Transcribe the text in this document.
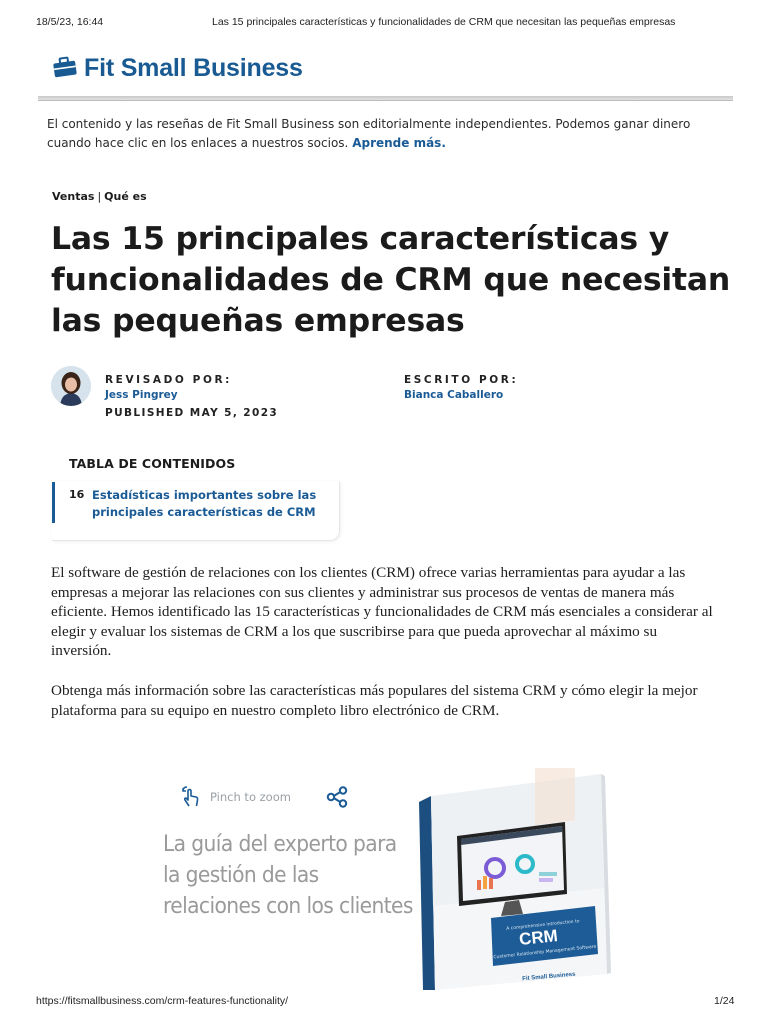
18/5/23, 16:44	Las 15 principales características y funcionalidades de CRM que necesitan las pequeñas empresas
Fit Small Business

El contenido y las reseñas de Fit Small Business son editorialmente independientes. Podemos ganar dinero cuando hace clic en los enlaces a nuestros socios. Aprende más.

Ventas | Qué es
Las 15 principales características y funcionalidades de CRM que necesitan las pequeñas empresas
REVISADO POR:
Jess Pingrey
PUBLISHED MAY 5, 2023
ESCRITO POR:
Bianca Caballero
TABLA DE CONTENIDOS
16 Estadísticas importantes sobre las principales características de CRM

El software de gestión de relaciones con los clientes (CRM) ofrece varias herramientas para ayudar a las empresas a mejorar las relaciones con sus clientes y administrar sus procesos de ventas de manera más eficiente. Hemos identificado las 15 características y funcionalidades de CRM más esenciales a considerar al elegir y evaluar los sistemas de CRM a los que suscribirse para que pueda aprovechar al máximo su inversión.

Obtenga más información sobre las características más populares del sistema CRM y cómo elegir la mejor plataforma para su equipo en nuestro completo libro electrónico de CRM.

Pinch to zoom

La guía del experto para la gestión de las relaciones con los clientes

A comprehensive introduction to
CRM
Customer Relationship Management Software
Fit Small Business
https://fitsmallbusiness.com/crm-features-functionality/	1/24
